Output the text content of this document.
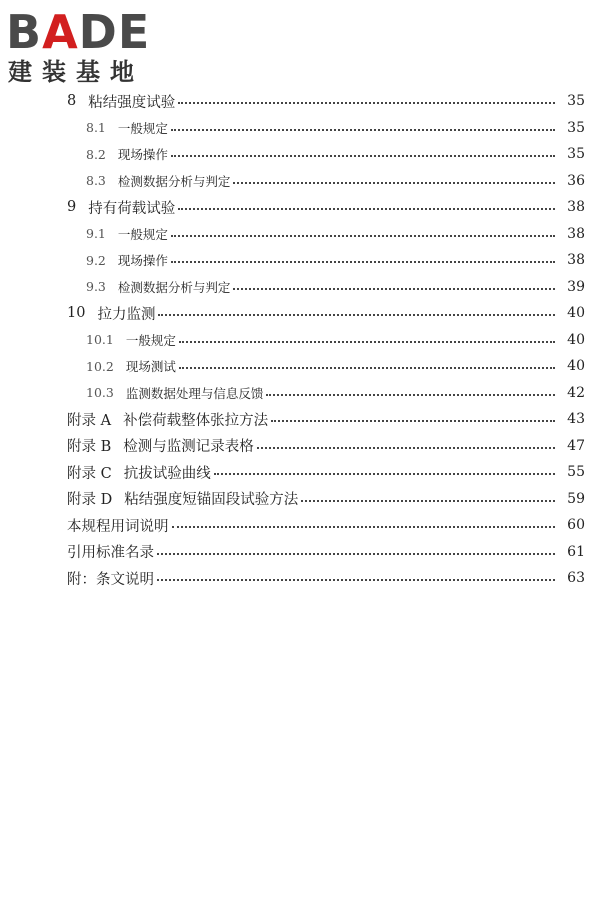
BADE
建装基地
8 粘结强度试验	35
8.1 一般规定	35
8.2 现场操作	35
8.3 检测数据分析与判定	36
9 持有荷载试验	38
9.1 一般规定	38
9.2 现场操作	38
9.3 检测数据分析与判定	39
10 拉力监测	40
10.1 一般规定	40
10.2 现场测试	40
10.3 监测数据处理与信息反馈	42
附录 A 补偿荷载整体张拉方法	43
附录 B 检测与监测记录表格	47
附录 C 抗拔试验曲线	55
附录 D 粘结强度短锚固段试验方法	59
本规程用词说明	60
引用标准名录	61
附：条文说明	63
